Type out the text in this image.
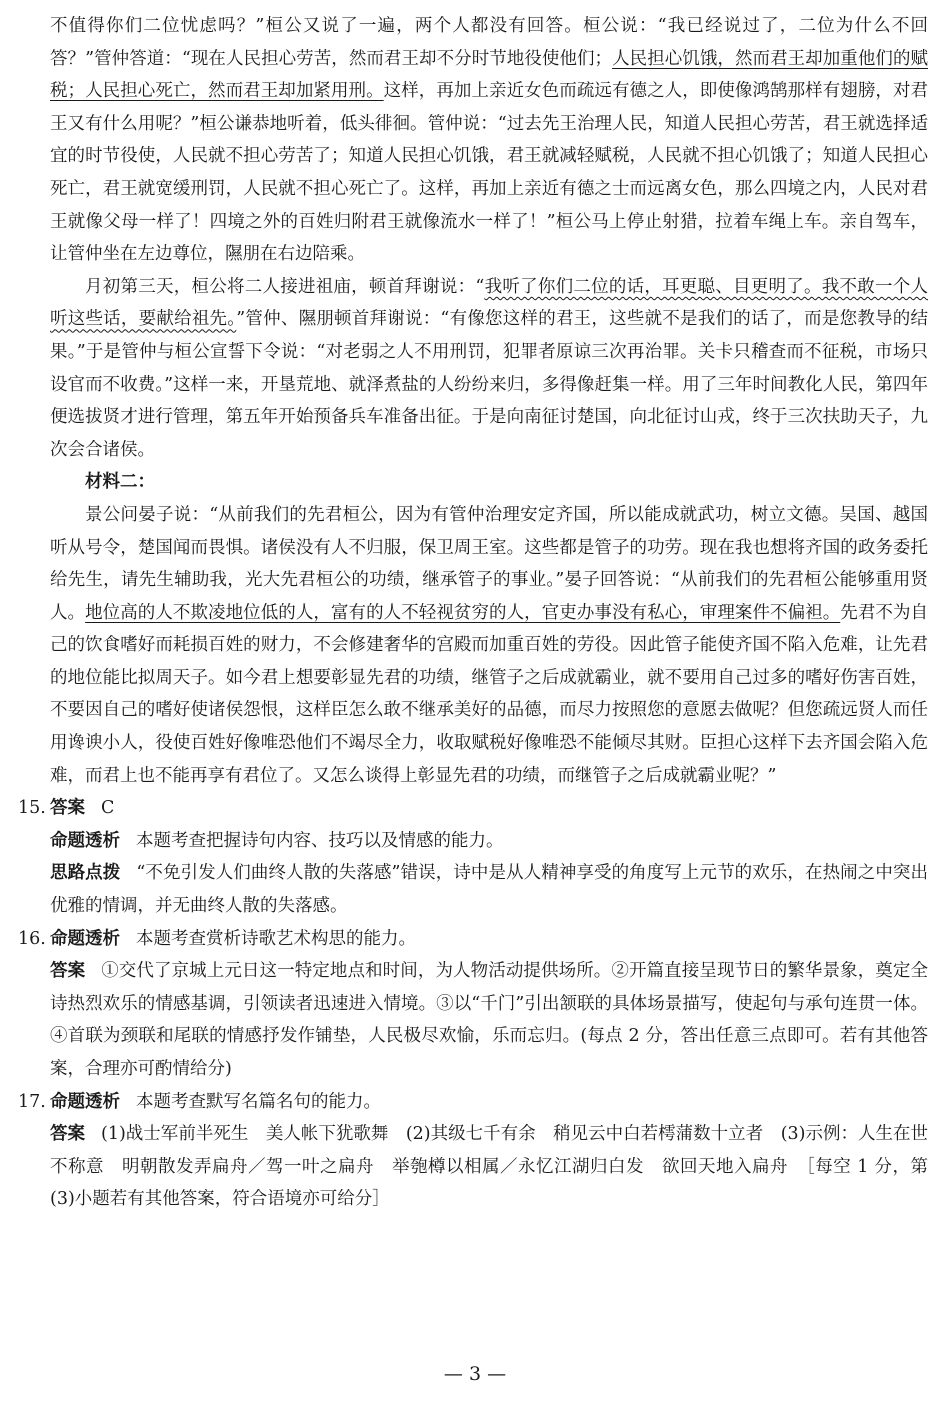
不值得你们二位忧虑吗？”桓公又说了一遍，两个人都没有回答。桓公说：“我已经说过了，二位为什么不回答？”管仲答道：“现在人民担心劳苦，然而君王却不分时节地役使他们；人民担心饥饿，然而君王却加重他们的赋税；人民担心死亡，然而君王却加紧用刑。这样，再加上亲近女色而疏远有德之人，即使像鸿鹄那样有翅膀，对君王又有什么用呢？”桓公谦恭地听着，低头徘徊。管仲说：“过去先王治理人民，知道人民担心劳苦，君王就选择适宜的时节役使，人民就不担心劳苦了；知道人民担心饥饿，君王就减轻赋税，人民就不担心饥饿了；知道人民担心死亡，君王就宽缓刑罚，人民就不担心死亡了。这样，再加上亲近有德之士而远离女色，那么四境之内，人民对君王就像父母一样了！四境之外的百姓归附君王就像流水一样了！”桓公马上停止射猎，拉着车绳上车。亲自驾车，让管仲坐在左边尊位，隰朋在右边陪乘。

月初第三天，桓公将二人接进祖庙，顿首拜谢说：“我听了你们二位的话，耳更聪、目更明了。我不敢一个人听这些话，要献给祖先。”管仲、隰朋顿首拜谢说：“有像您这样的君王，这些就不是我们的话了，而是您教导的结果。”于是管仲与桓公宣誓下令说：“对老弱之人不用刑罚，犯罪者原谅三次再治罪。关卡只稽查而不征税，市场只设官而不收费。”这样一来，开垦荒地、就泽煮盐的人纷纷来归，多得像赶集一样。用了三年时间教化人民，第四年便选拔贤才进行管理，第五年开始预备兵车准备出征。于是向南征讨楚国，向北征讨山戎，终于三次扶助天子，九次会合诸侯。

材料二：

景公问晏子说：“从前我们的先君桓公，因为有管仲治理安定齐国，所以能成就武功，树立文德。吴国、越国听从号令，楚国闻而畏惧。诸侯没有人不归服，保卫周王室。这些都是管子的功劳。现在我也想将齐国的政务委托给先生，请先生辅助我，光大先君桓公的功绩，继承管子的事业。”晏子回答说：“从前我们的先君桓公能够重用贤人。地位高的人不欺凌地位低的人，富有的人不轻视贫穷的人，官吏办事没有私心，审理案件不偏袒。先君不为自己的饮食嗜好而耗损百姓的财力，不会修建奢华的宫殿而加重百姓的劳役。因此管子能使齐国不陷入危难，让先君的地位能比拟周天子。如今君上想要彰显先君的功绩，继管子之后成就霸业，就不要用自己过多的嗜好伤害百姓，不要因自己的嗜好使诸侯怨恨，这样臣怎么敢不继承美好的品德，而尽力按照您的意愿去做呢？但您疏远贤人而任用谗谀小人，役使百姓好像唯恐他们不竭尽全力，收取赋税好像唯恐不能倾尽其财。臣担心这样下去齐国会陷入危难，而君上也不能再享有君位了。又怎么谈得上彰显先君的功绩，而继管子之后成就霸业呢？”

15. 答案 C

命题透析 本题考查把握诗句内容、技巧以及情感的能力。

思路点拨 “不免引发人们曲终人散的失落感”错误，诗中是从人精神享受的角度写上元节的欢乐，在热闹之中突出优雅的情调，并无曲终人散的失落感。

16. 命题透析 本题考查赏析诗歌艺术构思的能力。

答案 ①交代了京城上元日这一特定地点和时间，为人物活动提供场所。②开篇直接呈现节日的繁华景象，奠定全诗热烈欢乐的情感基调，引领读者迅速进入情境。③以“千门”引出颔联的具体场景描写，使起句与承句连贯一体。④首联为颈联和尾联的情感抒发作铺垫，人民极尽欢愉，乐而忘归。(每点 2 分，答出任意三点即可。若有其他答案，合理亦可酌情给分)

17. 命题透析 本题考查默写名篇名句的能力。

答案 (1)战士军前半死生　美人帐下犹歌舞　(2)其级七千有余　稍见云中白若樗蒲数十立者　(3)示例：人生在世不称意　明朝散发弄扁舟／驾一叶之扁舟　举匏樽以相属／永忆江湖归白发　欲回天地入扁舟　［每空 1 分，第(3)小题若有其他答案，符合语境亦可给分］

— 3 —
